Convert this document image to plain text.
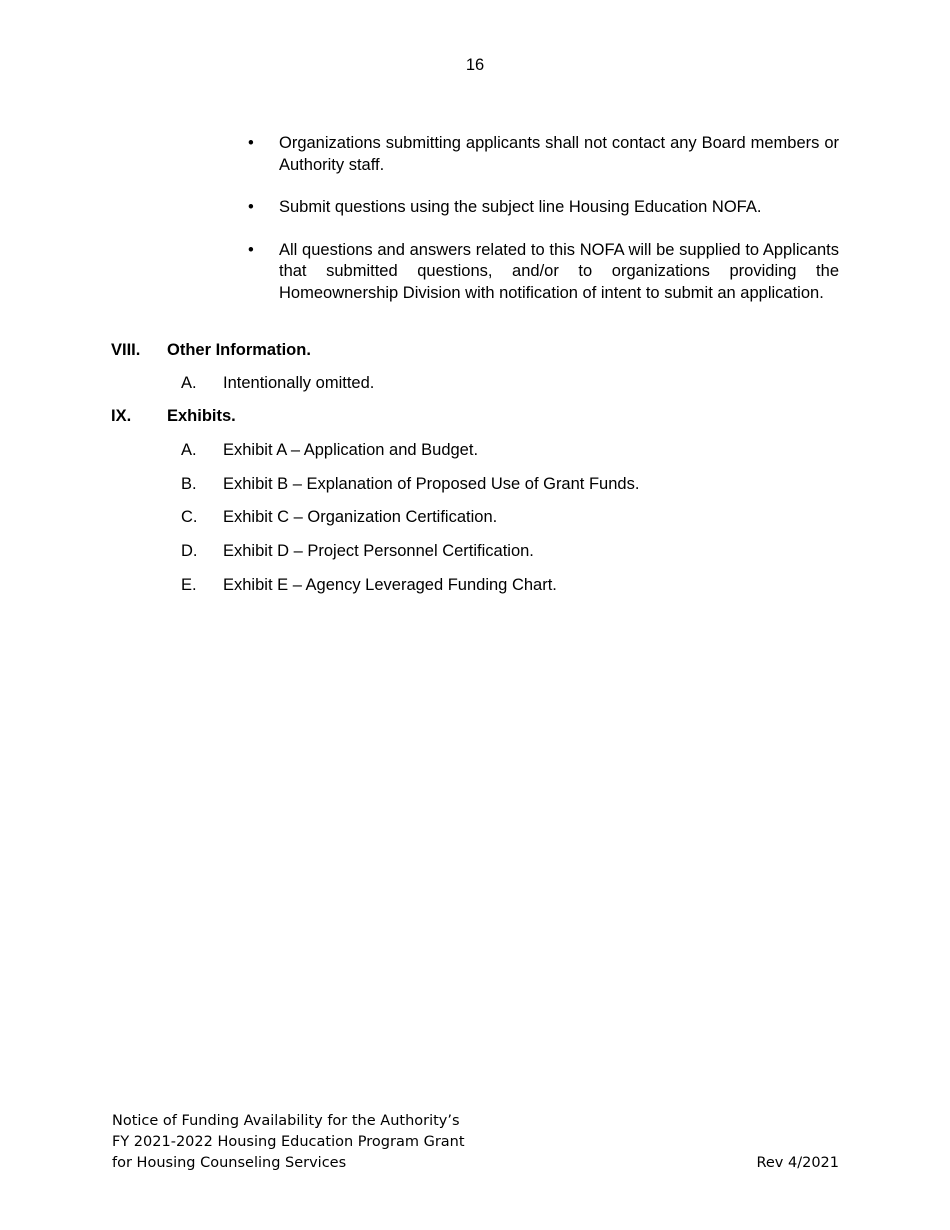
16
•	Organizations submitting applicants shall not contact any Board members or Authority staff.
•	Submit questions using the subject line Housing Education NOFA.
•	All questions and answers related to this NOFA will be supplied to Applicants that submitted questions, and/or to organizations providing the Homeownership Division with notification of intent to submit an application.
VIII. Other Information.
A. Intentionally omitted.
IX. Exhibits.
A. Exhibit A – Application and Budget.
B. Exhibit B – Explanation of Proposed Use of Grant Funds.
C. Exhibit C – Organization Certification.
D. Exhibit D – Project Personnel Certification.
E. Exhibit E – Agency Leveraged Funding Chart.
Notice of Funding Availability for the Authority’s
FY 2021-2022 Housing Education Program Grant
for Housing Counseling Services	Rev 4/2021
